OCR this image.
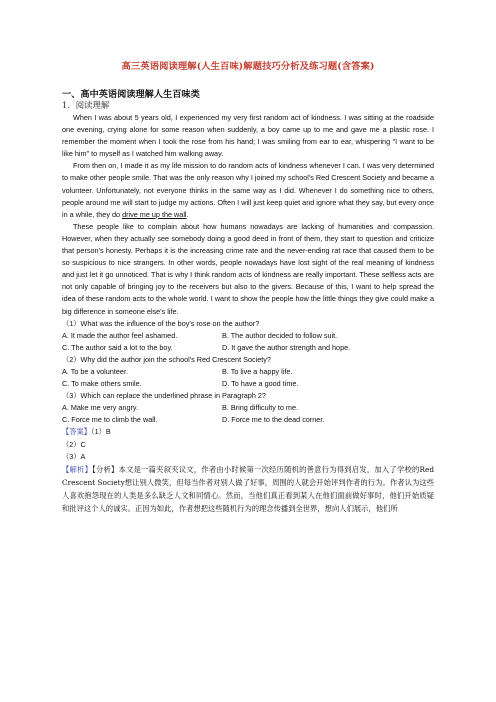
高三英语阅读理解(人生百味)解题技巧分析及练习题(含答案)
一、高中英语阅读理解人生百味类
1．阅读理解

When I was about 5 years old, I experienced my very first random act of kindness. I was sitting at the roadside one evening, crying alone for some reason when suddenly, a boy came up to me and gave me a plastic rose. I remember the moment when I took the rose from his hand; I was smiling from ear to ear, whispering "I want to be like him" to myself as I watched him walking away.

From then on, I made it as my life mission to do random acts of kindness whenever I can. I was very determined to make other people smile. That was the only reason why I joined my school's Red Crescent Society and became a volunteer. Unfortunately, not everyone thinks in the same way as I did. Whenever I do something nice to others, people around me will start to judge my actions. Often I will just keep quiet and ignore what they say, but every once in a while, they do drive me up the wall.

These people like to complain about how humans nowadays are lacking of humanities and compassion. However, when they actually see somebody doing a good deed in front of them, they start to question and criticize that person's honesty. Perhaps it is the increasing crime rate and the never-ending rat race that caused them to be so suspicious to nice strangers. In other words, people nowadays have lost sight of the real meaning of kindness and just let it go unnoticed. That is why I think random acts of kindness are really important. These selfless acts are not only capable of bringing joy to the receivers but also to the givers. Because of this, I want to help spread the idea of these random acts to the whole world. I want to show the people how the little things they give could make a big difference in someone else's life.

（1）What was the influence of the boy's rose on the author?

A. It made the author feel ashamed.	B. The author decided to follow suit.
C. The author said a lot to the boy.	D. It gave the author strength and hope.

（2）Why did the author join the school's Red Crescent Society?

A. To be a volunteer.	B. To live a happy life.
C. To make others smile.	D. To have a good time.

（3）Which can replace the underlined phrase in Paragraph 2?

A. Make me very angry.	B. Bring difficulty to me.
C. Force me to climb the wall.	D. Force me to the dead corner.

【答案】（1）B

（2）C

（3）A

【解析】【分析】本文是一篇夹叙夹议文，作者由小时候第一次经历随机的善意行为得到启发，加入了学校的Red Crescent Society想让别人微笑，但每当作者对别人做了好事，周围的人就会开始评判作者的行为。作者认为这些人喜欢抱怨现在的人类是多么缺乏人文和同情心。然而，当他们真正看到某人在他们面前做好事时，他们开始质疑和批评这个人的诚实。正因为如此，作者想把这些随机行为的理念传播到全世界，想向人们展示，他们所
